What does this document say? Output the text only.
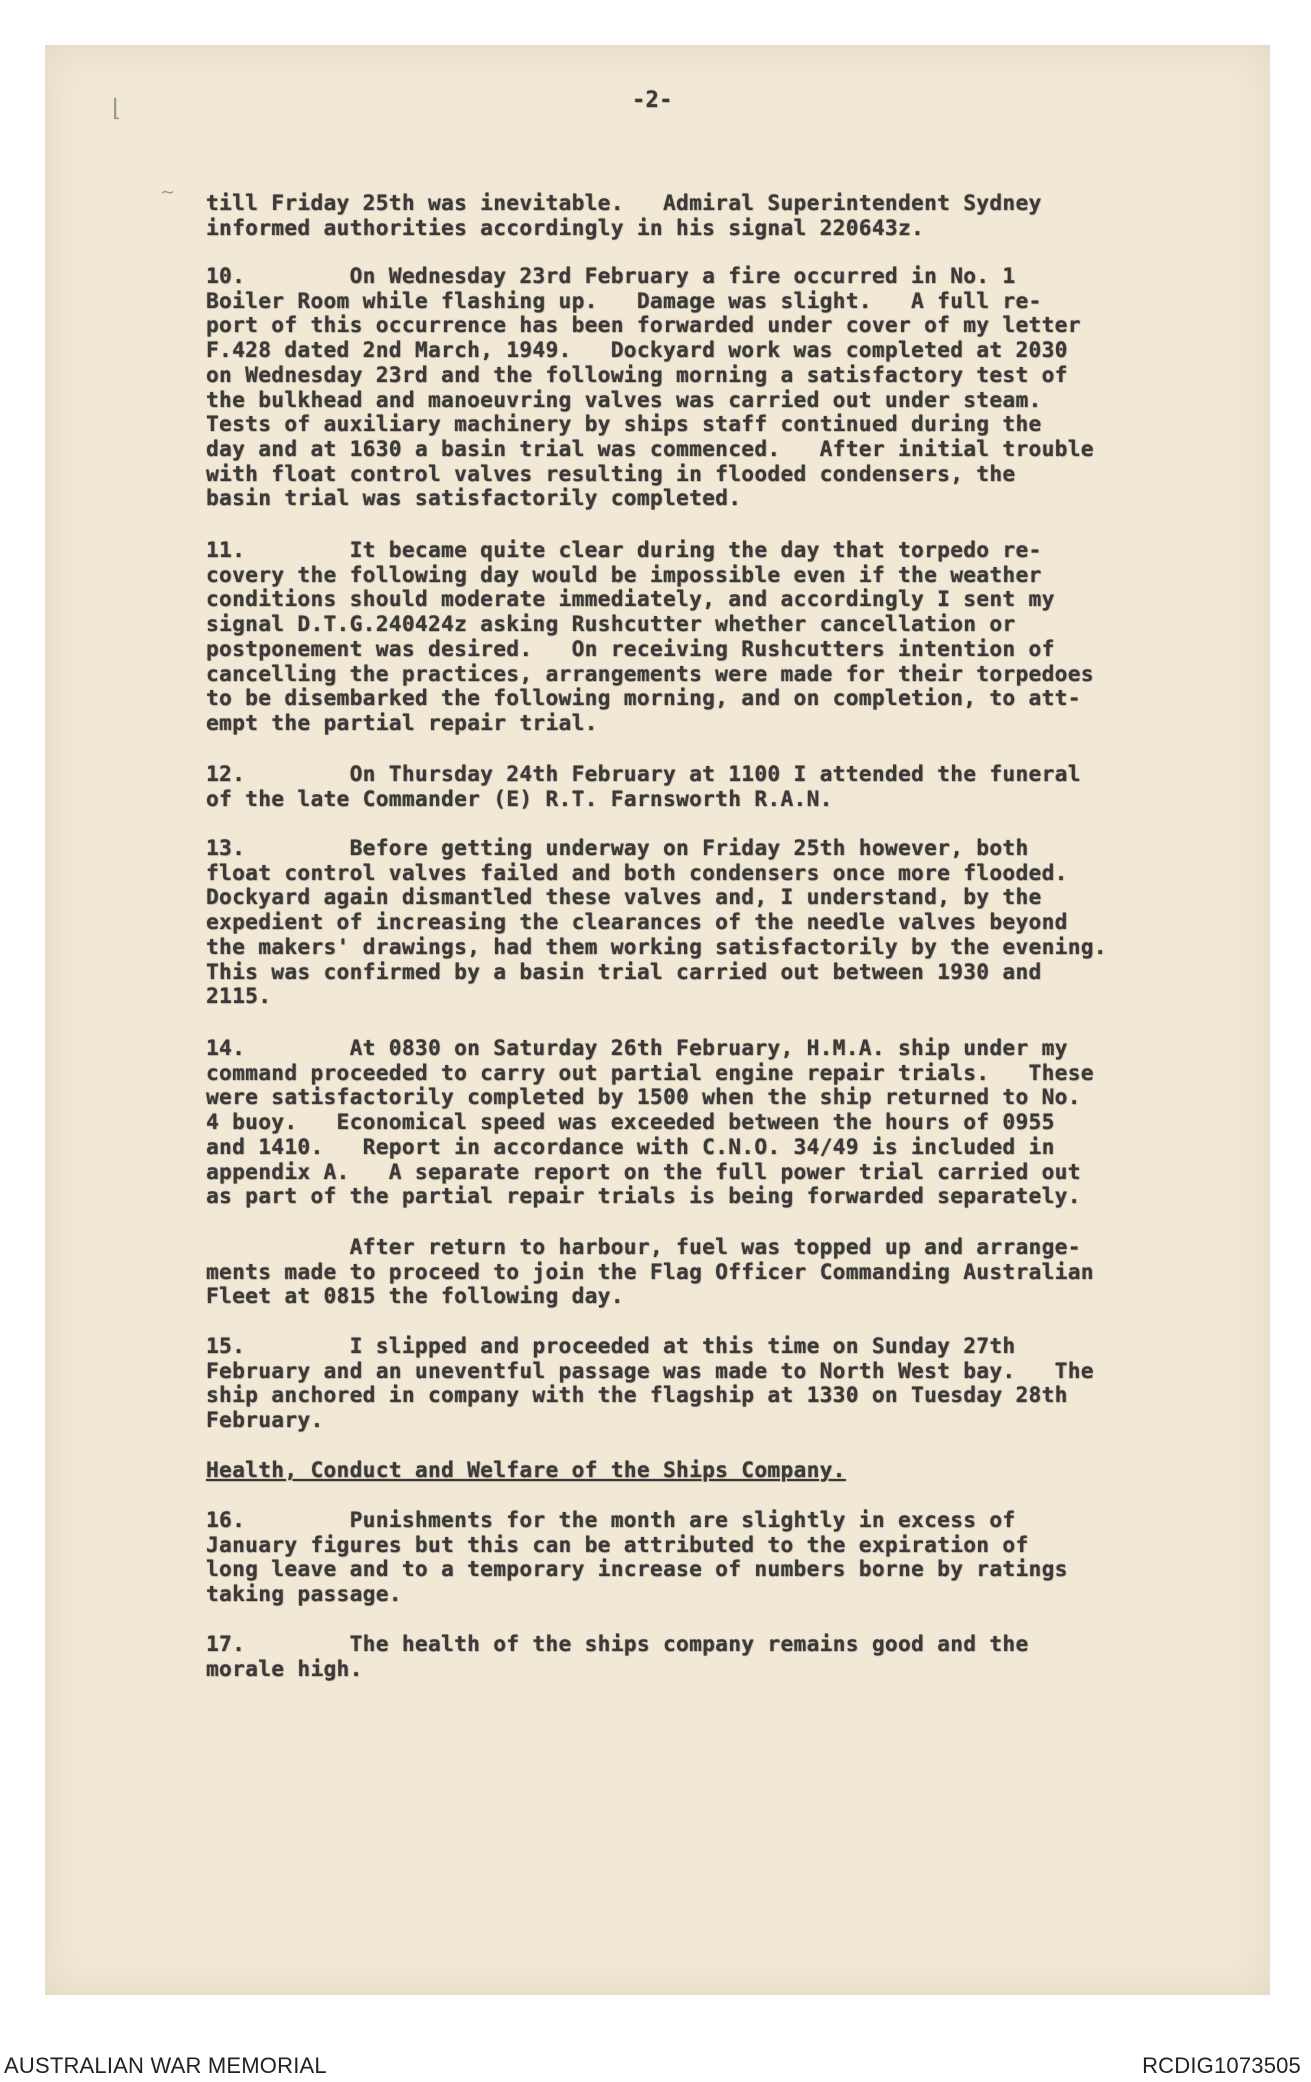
⌊
∼

-2-

till Friday 25th was inevitable.   Admiral Superintendent Sydney
informed authorities accordingly in his signal 220643z.

10.        On Wednesday 23rd February a fire occurred in No. 1
Boiler Room while flashing up.   Damage was slight.   A full re-
port of this occurrence has been forwarded under cover of my letter
F.428 dated 2nd March, 1949.   Dockyard work was completed at 2030
on Wednesday 23rd and the following morning a satisfactory test of
the bulkhead and manoeuvring valves was carried out under steam.
Tests of auxiliary machinery by ships staff continued during the
day and at 1630 a basin trial was commenced.   After initial trouble
with float control valves resulting in flooded condensers, the
basin trial was satisfactorily completed.

11.        It became quite clear during the day that torpedo re-
covery the following day would be impossible even if the weather
conditions should moderate immediately, and accordingly I sent my
signal D.T.G.240424z asking Rushcutter whether cancellation or
postponement was desired.   On receiving Rushcutters intention of
cancelling the practices, arrangements were made for their torpedoes
to be disembarked the following morning, and on completion, to att-
empt the partial repair trial.

12.        On Thursday 24th February at 1100 I attended the funeral
of the late Commander (E) R.T. Farnsworth R.A.N.

13.        Before getting underway on Friday 25th however, both
float control valves failed and both condensers once more flooded.
Dockyard again dismantled these valves and, I understand, by the
expedient of increasing the clearances of the needle valves beyond
the makers' drawings, had them working satisfactorily by the evening.
This was confirmed by a basin trial carried out between 1930 and
2115.

14.        At 0830 on Saturday 26th February, H.M.A. ship under my
command proceeded to carry out partial engine repair trials.   These
were satisfactorily completed by 1500 when the ship returned to No.
4 buoy.   Economical speed was exceeded between the hours of 0955
and 1410.   Report in accordance with C.N.O. 34/49 is included in
appendix A.   A separate report on the full power trial carried out
as part of the partial repair trials is being forwarded separately.

After return to harbour, fuel was topped up and arrange-
ments made to proceed to join the Flag Officer Commanding Australian
Fleet at 0815 the following day.

15.        I slipped and proceeded at this time on Sunday 27th
February and an uneventful passage was made to North West bay.   The
ship anchored in company with the flagship at 1330 on Tuesday 28th
February.

Health, Conduct and Welfare of the Ships Company.

16.        Punishments for the month are slightly in excess of
January figures but this can be attributed to the expiration of
long leave and to a temporary increase of numbers borne by ratings
taking passage.

17.        The health of the ships company remains good and the
morale high.

AUSTRALIAN WAR MEMORIAL	RCDIG1073505
